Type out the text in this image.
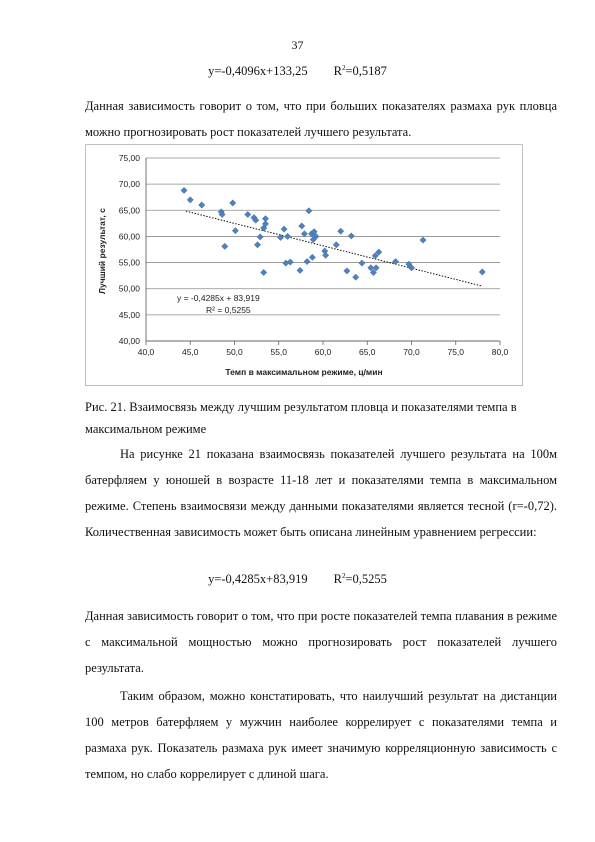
37
y=-0,4096x+133,25 $R^2=0,5187$

Данная зависимость говорит о том, что при больших показателях размаха рук пловца можно прогнозировать рост показателей лучшего результата.

40,00
45,00
50,00
55,00
60,00
65,00
70,00
75,00
40,0	45,0	50,0	55,0	60,0	65,0	70,0	75,0	80,0
y = -0,4285x + 83,919
R² = 0,5255
Темп в максимальном режиме, ц/мин
Лучший результат, с

Рис. 21. Взаимосвязь между лучшим результатом пловца и показателями темпа в максимальном режиме

На рисунке 21 показана взаимосвязь показателей лучшего результата на 100м батерфляем у юношей в возрасте 11-18 лет и показателями темпа в максимальном режиме. Степень взаимосвязи между данными показателями является тесной (r=-0,72). Количественная зависимость может быть описана линейным уравнением регрессии:

y=-0,4285x+83,919 $R^2=0,5255$

Данная зависимость говорит о том, что при росте показателей темпа плавания в режиме с максимальной мощностью можно прогнозировать рост показателей лучшего результата.

Таким образом, можно констатировать, что наилучший результат на дистанции 100 метров батерфляем у мужчин наиболее коррелирует с показателями темпа и размаха рук. Показатель размаха рук имеет значимую корреляционную зависимость с темпом, но слабо коррелирует с длиной шага.
